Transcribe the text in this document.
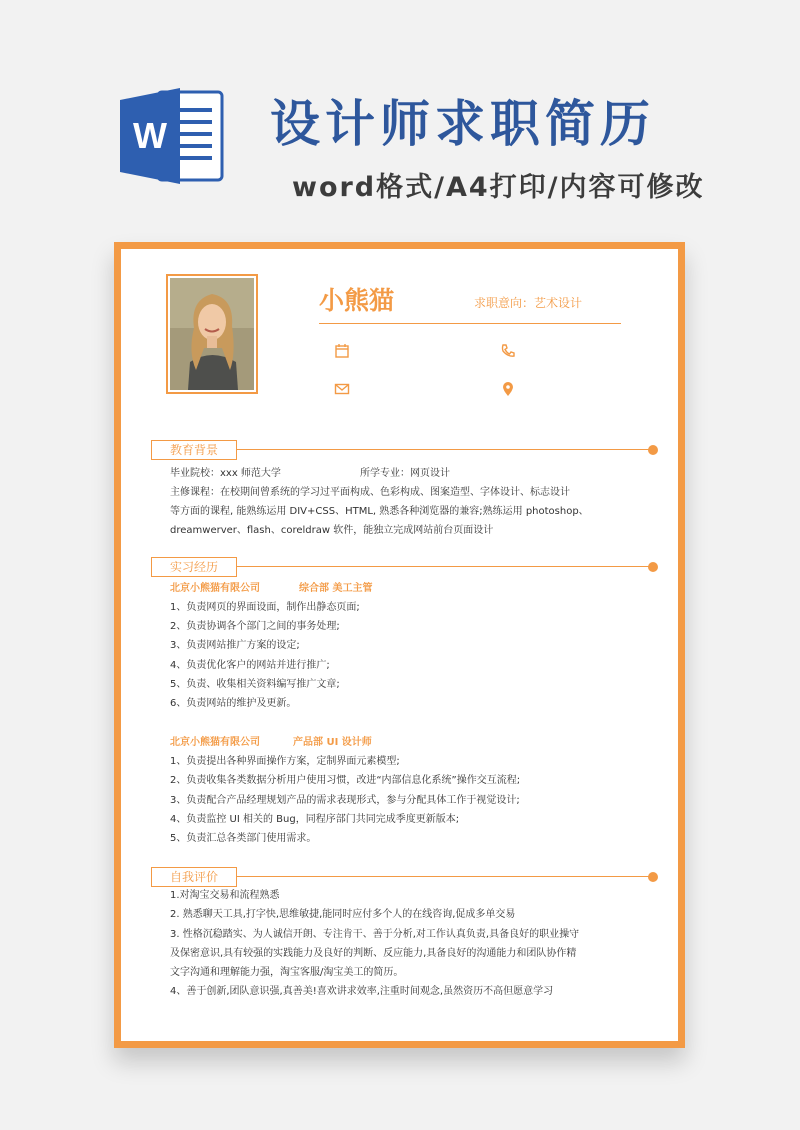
W 设计师求职简历
word格式/A4打印/内容可修改
小熊猫	求职意向：艺术设计
教育背景
毕业院校：xxx 师范大学	所学专业：网页设计
主修课程：在校期间曾系统的学习过平面构成、色彩构成、图案造型、字体设计、标志设计
等方面的课程, 能熟练运用 DIV+CSS、HTML, 熟悉各种浏览器的兼容;熟练运用 photoshop、
dreamwerver、flash、coreldraw 软件，能独立完成网站前台页面设计
实习经历
北京小熊猫有限公司	综合部 美工主管
1、负责网页的界面设面，制作出静态页面;
2、负责协调各个部门之间的事务处理;
3、负责网站推广方案的设定;
4、负责优化客户的网站并进行推广;
5、负责、收集相关资料编写推广文章;
6、负责网站的维护及更新。
北京小熊猫有限公司	产品部 UI 设计师
1、负责提出各种界面操作方案，定制界面元素模型;
2、负责收集各类数据分析用户使用习惯，改进“内部信息化系统”操作交互流程;
3、负责配合产品经理规划产品的需求表现形式，参与分配具体工作于视觉设计;
4、负责监控 UI 相关的 Bug，同程序部门共同完成季度更新版本;
5、负责汇总各类部门使用需求。
自我评价
1.对淘宝交易和流程熟悉
2. 熟悉聊天工具,打字快,思维敏捷,能同时应付多个人的在线咨询,促成多单交易
3. 性格沉稳踏实、为人诚信开朗、专注肯干、善于分析,对工作认真负责,具备良好的职业操守
及保密意识,具有较强的实践能力及良好的判断、反应能力,具备良好的沟通能力和团队协作精
文字沟通和理解能力强，淘宝客服/淘宝美工的简历。
4、善于创新,团队意识强,真善美!喜欢讲求效率,注重时间观念,虽然资历不高但愿意学习
